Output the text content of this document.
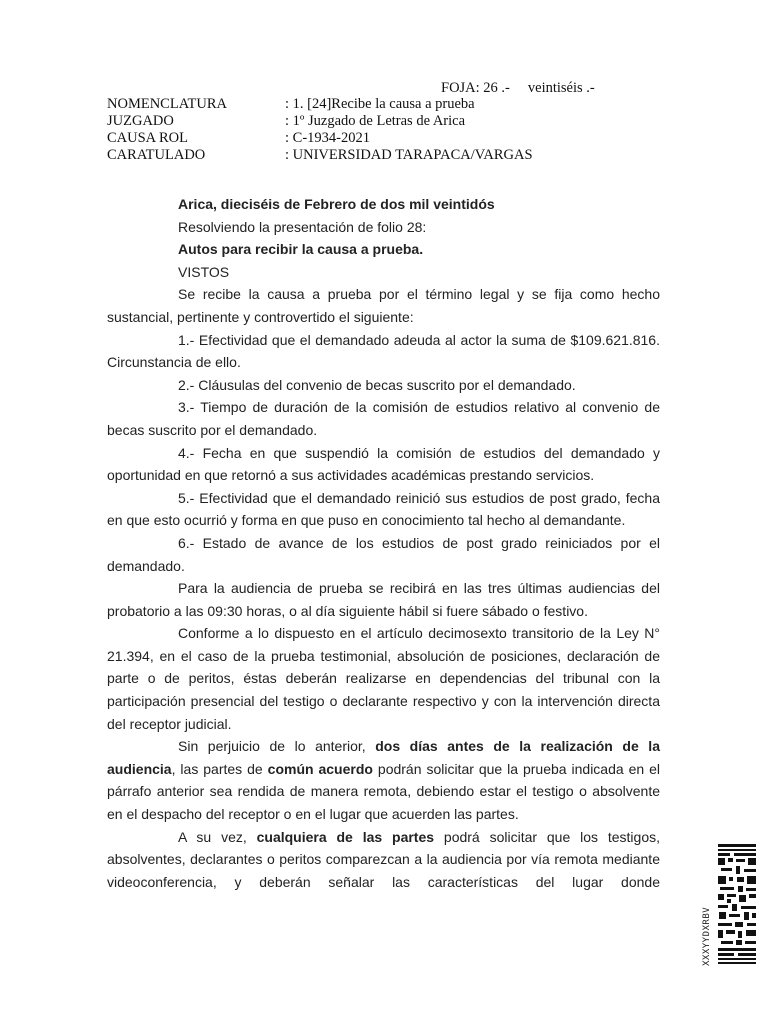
FOJA: 26 .- veintiséis .-
NOMENCLATURA	: 1. [24]Recibe la causa a prueba
JUZGADO	: 1º Juzgado de Letras de Arica
CAUSA ROL	: C-1934-2021
CARATULADO	: UNIVERSIDAD TARAPACA/VARGAS

Arica, dieciséis de Febrero de dos mil veintidós

Resolviendo la presentación de folio 28:

Autos para recibir la causa a prueba.

VISTOS

Se recibe la causa a prueba por el término legal y se fija como hecho sustancial, pertinente y controvertido el siguiente:

1.- Efectividad que el demandado adeuda al actor la suma de $109.621.816. Circunstancia de ello.

2.- Cláusulas del convenio de becas suscrito por el demandado.

3.- Tiempo de duración de la comisión de estudios relativo al convenio de becas suscrito por el demandado.

4.- Fecha en que suspendió la comisión de estudios del demandado y oportunidad en que retornó a sus actividades académicas prestando servicios.

5.- Efectividad que el demandado reinició sus estudios de post grado, fecha en que esto ocurrió y forma en que puso en conocimiento tal hecho al demandante.

6.- Estado de avance de los estudios de post grado reiniciados por el demandado.

Para la audiencia de prueba se recibirá en las tres últimas audiencias del probatorio a las 09:30 horas, o al día siguiente hábil si fuere sábado o festivo.

Conforme a lo dispuesto en el artículo decimosexto transitorio de la Ley N° 21.394, en el caso de la prueba testimonial, absolución de posiciones, declaración de parte o de peritos, éstas deberán realizarse en dependencias del tribunal con la participación presencial del testigo o declarante respectivo y con la intervención directa del receptor judicial.

Sin perjuicio de lo anterior, dos días antes de la realización de la audiencia, las partes de común acuerdo podrán solicitar que la prueba indicada en el párrafo anterior sea rendida de manera remota, debiendo estar el testigo o absolvente en el despacho del receptor o en el lugar que acuerden las partes.

A su vez, cualquiera de las partes podrá solicitar que los testigos, absolventes, declarantes o peritos comparezcan a la audiencia por vía remota mediante videoconferencia, y deberán señalar las características del lugar donde

XXXYYDXRBV
